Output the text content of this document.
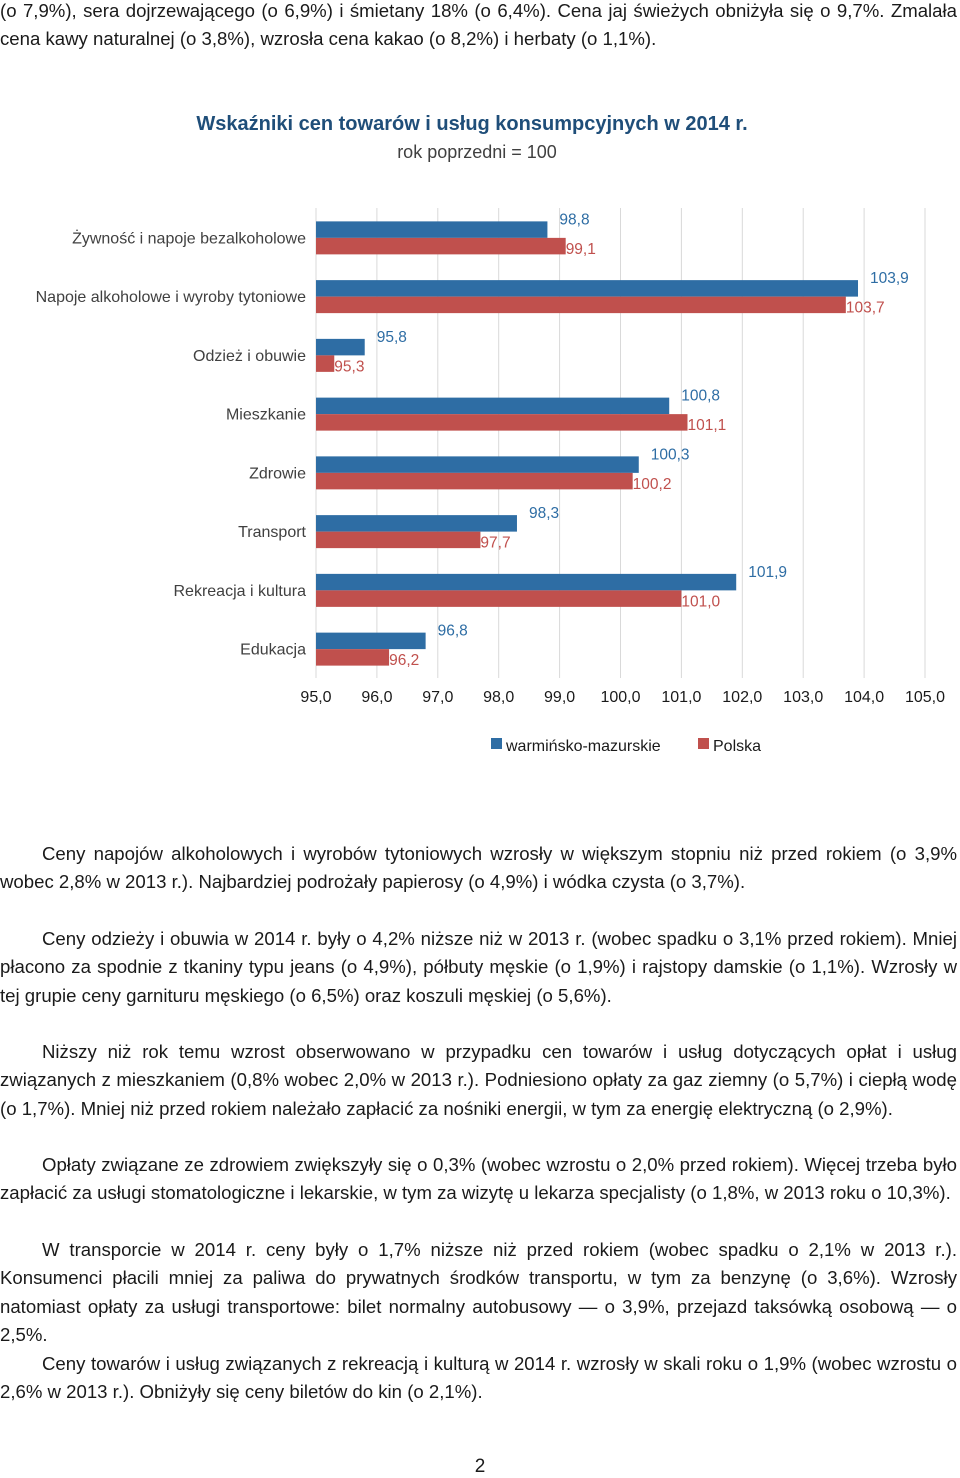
(o 7,9%), sera dojrzewającego (o 6,9%) i śmietany 18% (o 6,4%). Cena jaj świeżych obniżyła się o 9,7%. Zmalała cena kawy naturalnej (o 3,8%), wzrosła cena kakao (o 8,2%) i herbaty (o 1,1%).

Wskaźniki cen towarów i usług konsumpcyjnych w 2014 r.
rok poprzedni = 100
Żywność i napoje bezalkoholowe
Napoje alkoholowe i wyroby tytoniowe
Odzież i obuwie
Mieszkanie
Zdrowie
Transport
Rekreacja i kultura
Edukacja
98,8
99,1
103,9
103,7
95,8
95,3
100,8
101,1
100,3
100,2
98,3
97,7
101,9
101,0
96,8
96,2
95,0 96,0 97,0 98,0 99,0 100,0 101,0 102,0 103,0 104,0 105,0
warmińsko-mazurskie	Polska

Ceny napojów alkoholowych i wyrobów tytoniowych wzrosły w większym stopniu niż przed rokiem (o 3,9% wobec 2,8% w 2013 r.). Najbardziej podrożały papierosy (o 4,9%) i wódka czysta (o 3,7%).

Ceny odzieży i obuwia w 2014 r. były o 4,2% niższe niż w 2013 r. (wobec spadku o 3,1% przed rokiem). Mniej płacono za spodnie z tkaniny typu jeans (o 4,9%), półbuty męskie (o 1,9%) i rajstopy damskie (o 1,1%). Wzrosły w tej grupie ceny garnituru męskiego (o 6,5%) oraz koszuli męskiej (o 5,6%).

Niższy niż rok temu wzrost obserwowano w przypadku cen towarów i usług dotyczących opłat i usług związanych z mieszkaniem (0,8% wobec 2,0% w 2013 r.). Podniesiono opłaty za gaz ziemny (o 5,7%) i ciepłą wodę (o 1,7%). Mniej niż przed rokiem należało zapłacić za nośniki energii, w tym za energię elektryczną (o 2,9%).

Opłaty związane ze zdrowiem zwiększyły się o 0,3% (wobec wzrostu o 2,0% przed rokiem). Więcej trzeba było zapłacić za usługi stomatologiczne i lekarskie, w tym za wizytę u lekarza specjalisty (o 1,8%, w 2013 roku o 10,3%).

W transporcie w 2014 r. ceny były o 1,7% niższe niż przed rokiem (wobec spadku o 2,1% w 2013 r.). Konsumenci płacili mniej za paliwa do prywatnych środków transportu, w tym za benzynę (o 3,6%). Wzrosły natomiast opłaty za usługi transportowe: bilet normalny autobusowy — o 3,9%, przejazd taksówką osobową — o 2,5%.

Ceny towarów i usług związanych z rekreacją i kulturą w 2014 r. wzrosły w skali roku o 1,9% (wobec wzrostu o 2,6% w 2013 r.). Obniżyły się ceny biletów do kin (o 2,1%).

2
